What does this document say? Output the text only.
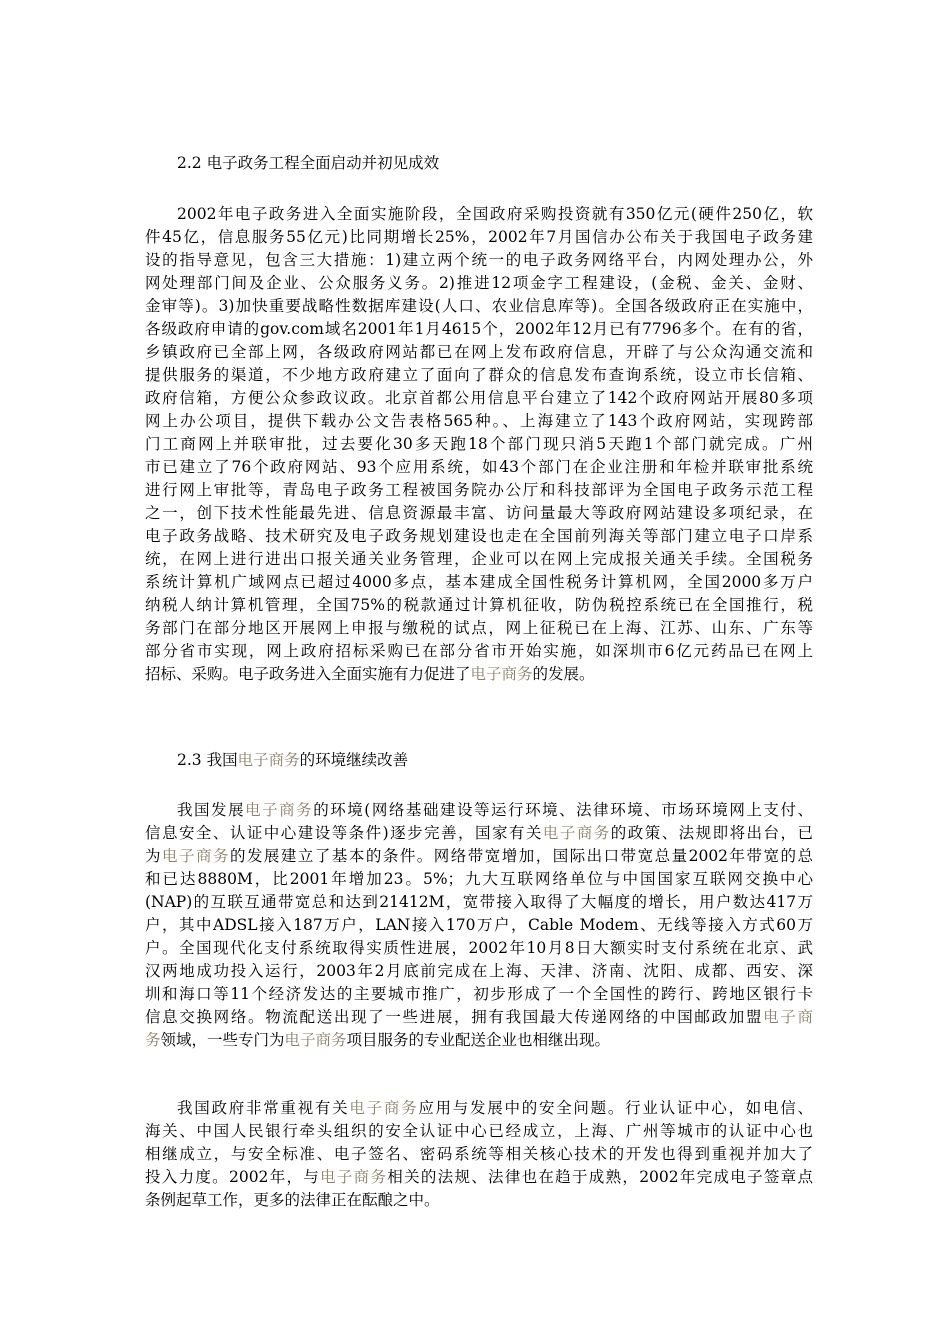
2.2 电子政务工程全面启动并初见成效
2002年电子政务进入全面实施阶段，全国政府采购投资就有350亿元(硬件250亿，软
件45亿，信息服务55亿元)比同期增长25%，2002年7月国信办公布关于我国电子政务建
设的指导意见，包含三大措施：1)建立两个统一的电子政务网络平台，内网处理办公，外
网处理部门间及企业、公众服务义务。2)推进12项金字工程建设，(金税、金关、金财、
金审等)。3)加快重要战略性数据库建设(人口、农业信息库等)。全国各级政府正在实施中，
各级政府申请的gov.com域名2001年1月4615个，2002年12月已有7796多个。在有的省，
乡镇政府已全部上网，各级政府网站都已在网上发布政府信息，开辟了与公众沟通交流和
提供服务的渠道，不少地方政府建立了面向了群众的信息发布查询系统，设立市长信箱、
政府信箱，方便公众参政议政。北京首都公用信息平台建立了142个政府网站开展80多项
网上办公项目，提供下载办公文告表格565种。、上海建立了143个政府网站，实现跨部
门工商网上并联审批，过去要化30多天跑18个部门现只消5天跑1个部门就完成。广州
市已建立了76个政府网站、93个应用系统，如43个部门在企业注册和年检并联审批系统
进行网上审批等，青岛电子政务工程被国务院办公厅和科技部评为全国电子政务示范工程
之一，创下技术性能最先进、信息资源最丰富、访问量最大等政府网站建设多项纪录，在
电子政务战略、技术研究及电子政务规划建设也走在全国前列海关等部门建立电子口岸系
统，在网上进行进出口报关通关业务管理，企业可以在网上完成报关通关手续。全国税务
系统计算机广域网点已超过4000多点，基本建成全国性税务计算机网，全国2000多万户
纳税人纳计算机管理，全国75%的税款通过计算机征收，防伪税控系统已在全国推行，税
务部门在部分地区开展网上申报与缴税的试点，网上征税已在上海、江苏、山东、广东等
部分省市实现，网上政府招标采购已在部分省市开始实施，如深圳市6亿元药品已在网上
招标、采购。电子政务进入全面实施有力促进了电子商务的发展。
2.3 我国电子商务的环境继续改善
我国发展电子商务的环境(网络基础建设等运行环境、法律环境、市场环境网上支付、
信息安全、认证中心建设等条件)逐步完善，国家有关电子商务的政策、法规即将出台，已
为电子商务的发展建立了基本的条件。网络带宽增加，国际出口带宽总量2002年带宽的总
和已达8880M，比2001年增加23。5%；九大互联网络单位与中国国家互联网交换中心
(NAP)的互联互通带宽总和达到21412M，宽带接入取得了大幅度的增长，用户数达417万
户，其中ADSL接入187万户，LAN接入170万户，Cable Modem、无线等接入方式60万
户。全国现代化支付系统取得实质性进展，2002年10月8日大额实时支付系统在北京、武
汉两地成功投入运行，2003年2月底前完成在上海、天津、济南、沈阳、成都、西安、深
圳和海口等11个经济发达的主要城市推广，初步形成了一个全国性的跨行、跨地区银行卡
信息交换网络。物流配送出现了一些进展，拥有我国最大传递网络的中国邮政加盟电子商
务领域，一些专门为电子商务项目服务的专业配送企业也相继出现。
我国政府非常重视有关电子商务应用与发展中的安全问题。行业认证中心，如电信、
海关、中国人民银行牵头组织的安全认证中心已经成立，上海、广州等城市的认证中心也
相继成立，与安全标准、电子签名、密码系统等相关核心技术的开发也得到重视并加大了
投入力度。2002年，与电子商务相关的法规、法律也在趋于成熟，2002年完成电子签章点
条例起草工作，更多的法律正在酝酿之中。
